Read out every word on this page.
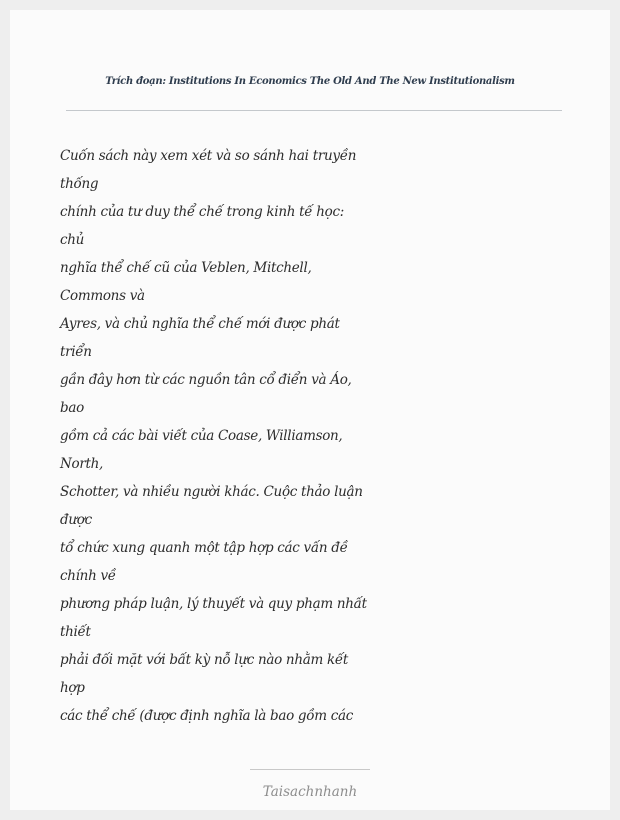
Trích đoạn: Institutions In Economics The Old And The New Institutionalism
Cuốn sách này xem xét và so sánh hai truyền
thống
chính của tư duy thể chế trong kinh tế học:
chủ
nghĩa thể chế cũ của Veblen, Mitchell,
Commons và
Ayres, và chủ nghĩa thể chế mới được phát
triển
gần đây hơn từ các nguồn tân cổ điển và Áo,
bao
gồm cả các bài viết của Coase, Williamson,
North,
Schotter, và nhiều người khác. Cuộc thảo luận
được
tổ chức xung quanh một tập hợp các vấn đề
chính về
phương pháp luận, lý thuyết và quy phạm nhất
thiết
phải đối mặt với bất kỳ nỗ lực nào nhằm kết
hợp
các thể chế (được định nghĩa là bao gồm các
Taisachnhanh
